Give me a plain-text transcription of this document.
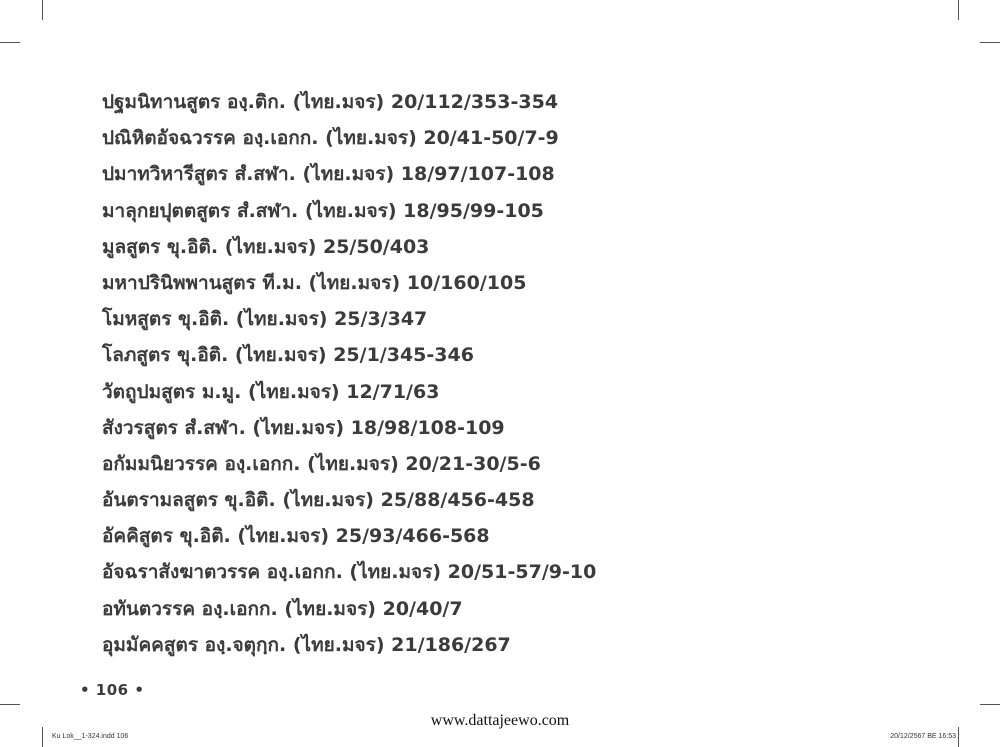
ปฐมนิทานสูตร องฺ.ติก. (ไทย.มจร) 20/112/353-354
ปณิหิตอัจฉวรรค องฺ.เอกก. (ไทย.มจร) 20/41-50/7-9
ปมาทวิหารีสูตร สํ.สฬา. (ไทย.มจร) 18/97/107-108
มาลุกยปุตตสูตร สํ.สฬา. (ไทย.มจร) 18/95/99-105
มูลสูตร ขุ.อิติ. (ไทย.มจร) 25/50/403
มหาปรินิพพานสูตร ที.ม. (ไทย.มจร) 10/160/105
โมหสูตร ขุ.อิติ. (ไทย.มจร) 25/3/347
โลภสูตร ขุ.อิติ. (ไทย.มจร) 25/1/345-346
วัตถูปมสูตร ม.มู. (ไทย.มจร) 12/71/63
สังวรสูตร สํ.สฬา. (ไทย.มจร) 18/98/108-109
อกัมมนิยวรรค องฺ.เอกก. (ไทย.มจร) 20/21-30/5-6
อันตรามลสูตร ขุ.อิติ. (ไทย.มจร) 25/88/456-458
อัคคิสูตร ขุ.อิติ. (ไทย.มจร) 25/93/466-568
อัจฉราสังฆาตวรรค องฺ.เอกก. (ไทย.มจร) 20/51-57/9-10
อทันตวรรค องฺ.เอกก. (ไทย.มจร) 20/40/7
อุมมัคคสูตร องฺ.จตุกฺก. (ไทย.มจร) 21/186/267
• 106 •
www.dattajeewo.com
Ku Lok__1-324.indd 106	20/12/2567 BE 16:53
